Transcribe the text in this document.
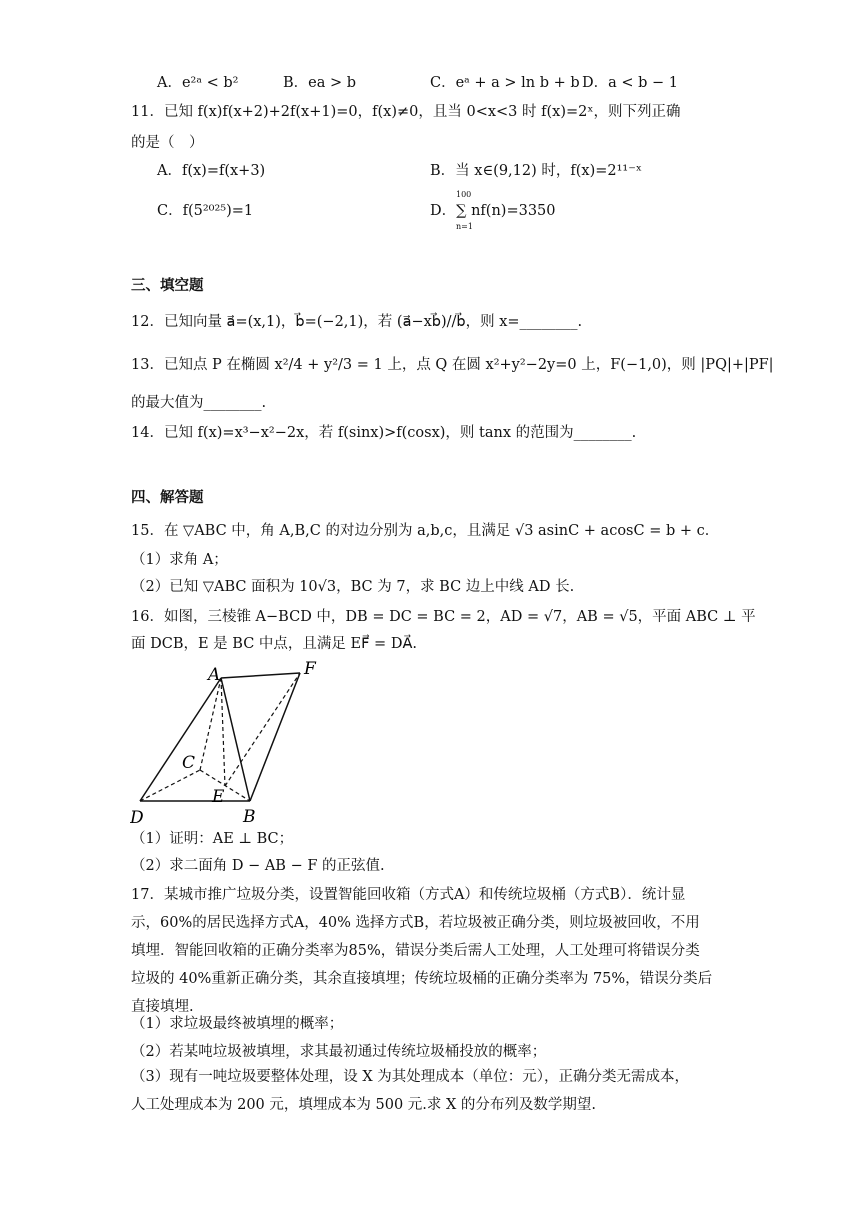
A．e²ᵃ < b²	B．ea > b	C．eᵃ + a > ln b + b D．a < b − 1
11．已知 f(x)f(x+2)+2f(x+1)=0，f(x)≠0，且当 0<x<3 时 f(x)=2ˣ，则下列正确
的是（　）
A．f(x)=f(x+3)	B．当 x∈(9,12) 时，f(x)=2¹¹⁻ˣ
C．f(5²⁰²⁵)=1	D．∑ nf(n)=3350
100
n=1
三、填空题
12．已知向量 a⃗=(x,1)，b⃗=(−2,1)，若 (a⃗−xb⃗)//b⃗，则 x=________.
13．已知点 P 在椭圆 x²/4 + y²/3 = 1 上，点 Q 在圆 x²+y²−2y=0 上，F(−1,0)，则 |PQ|+|PF|
的最大值为________.
14．已知 f(x)=x³−x²−2x，若 f(sinx)>f(cosx)，则 tanx 的范围为________.
四、解答题
15．在 ▽ABC 中，角 A,B,C 的对边分别为 a,b,c，且满足 √3 asinC + acosC = b + c．
（1）求角 A；
（2）已知 ▽ABC 面积为 10√3，BC 为 7，求 BC 边上中线 AD 长.
16．如图，三棱锥 A−BCD 中，DB = DC = BC = 2，AD = √7，AB = √5，平面 ABC ⊥ 平
面 DCB，E 是 BC 中点，且满足 EF⃗ = DA⃗.
A	F
C
E
D	B
（1）证明：AE ⊥ BC；
（2）求二面角 D − AB − F 的正弦值.
17．某城市推广垃圾分类，设置智能回收箱（方式A）和传统垃圾桶（方式B）．统计显
示，60%的居民选择方式A，40% 选择方式B，若垃圾被正确分类，则垃圾被回收，不用
填埋．智能回收箱的正确分类率为85%，错误分类后需人工处理，人工处理可将错误分类
垃圾的 40%重新正确分类，其余直接填埋；传统垃圾桶的正确分类率为 75%，错误分类后
直接填埋.
（1）求垃圾最终被填埋的概率；
（2）若某吨垃圾被填埋，求其最初通过传统垃圾桶投放的概率；
（3）现有一吨垃圾要整体处理，设 X 为其处理成本（单位：元），正确分类无需成本，
人工处理成本为 200 元，填埋成本为 500 元.求 X 的分布列及数学期望.
